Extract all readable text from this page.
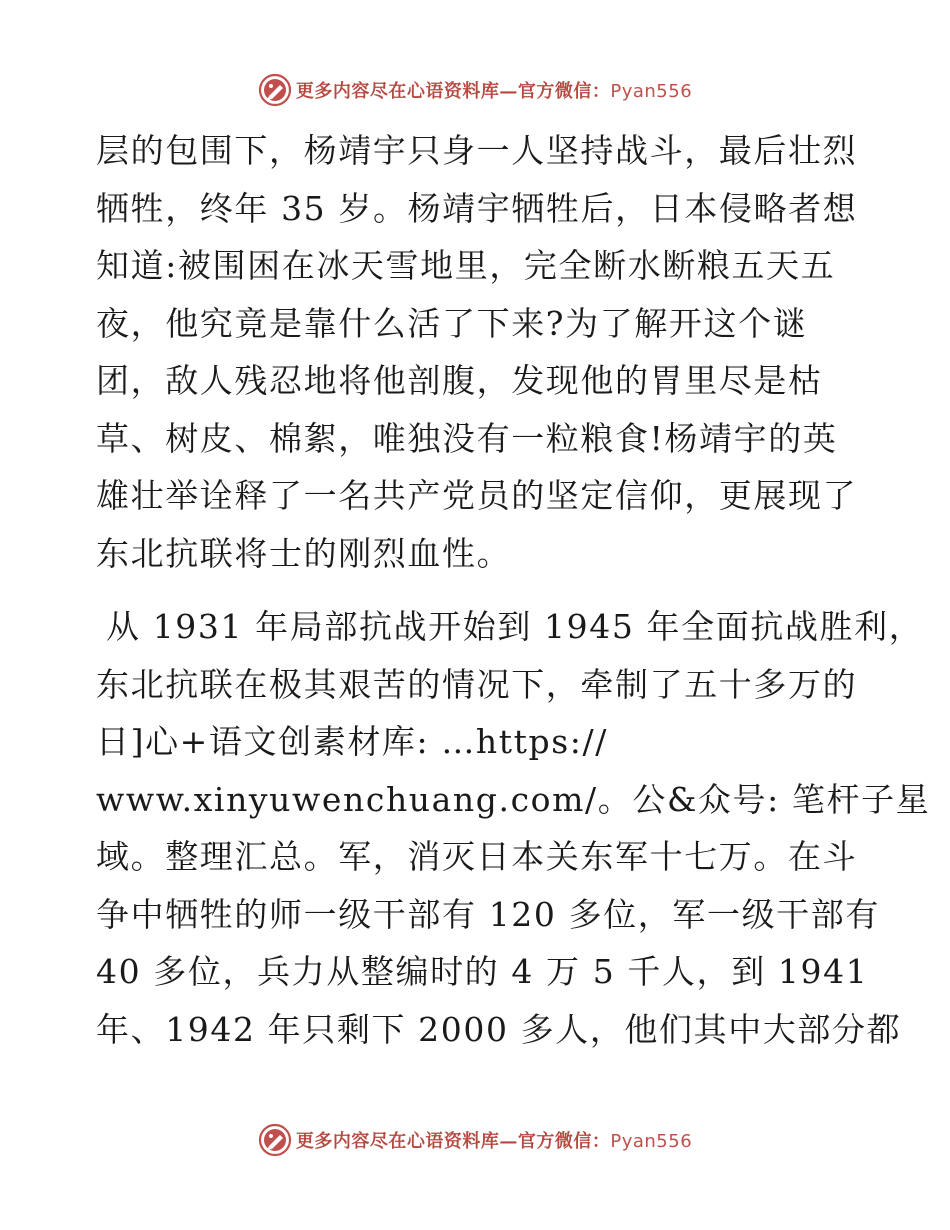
更多内容尽在心语资料库—官方微信：Pyan556
层的包围下，杨靖宇只身一人坚持战斗，最后壮烈
牺牲，终年 35 岁。杨靖宇牺牲后，日本侵略者想
知道:被围困在冰天雪地里，完全断水断粮五天五
夜，他究竟是靠什么活了下来?为了解开这个谜
团，敌人残忍地将他剖腹，发现他的胃里尽是枯
草、树皮、棉絮，唯独没有一粒粮食!杨靖宇的英
雄壮举诠释了一名共产党员的坚定信仰，更展现了
东北抗联将士的刚烈血性。
从 1931 年局部抗战开始到 1945 年全面抗战胜利，
东北抗联在极其艰苦的情况下，牵制了五十多万的
日]心+语文创素材库: …https://
www.xinyuwenchuang.com/。公&众号: 笔杆子星
域。整理汇总。军，消灭日本关东军十七万。在斗
争中牺牲的师一级干部有 120 多位，军一级干部有
40 多位，兵力从整编时的 4 万 5 千人，到 1941
年、1942 年只剩下 2000 多人，他们其中大部分都
更多内容尽在心语资料库—官方微信：Pyan556
